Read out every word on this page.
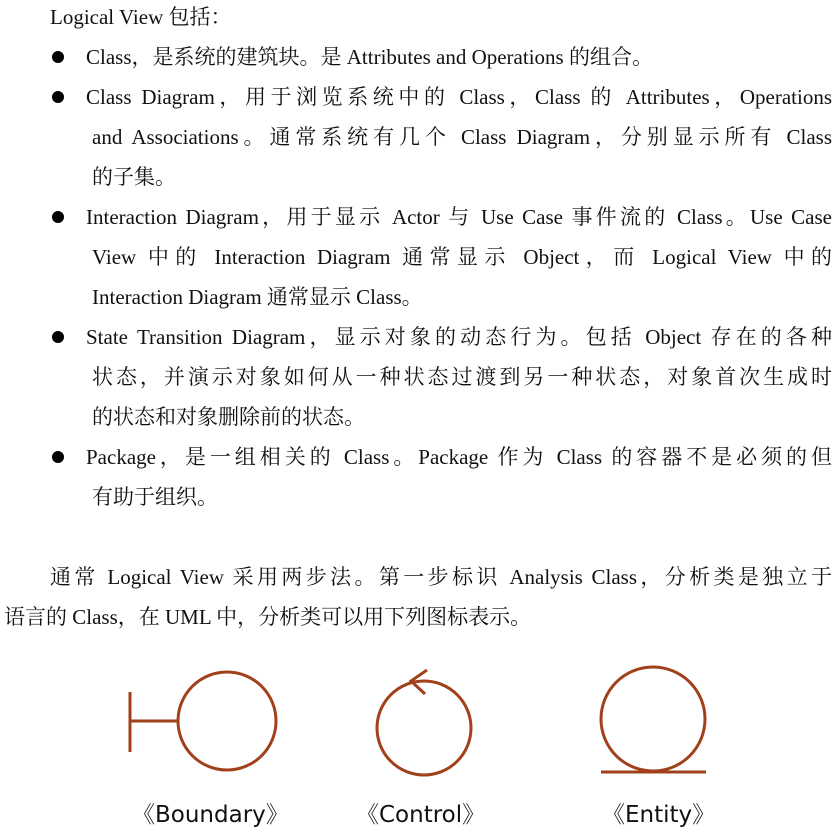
Logical View 包括：
Class，是系统的建筑块。是 Attributes and Operations 的组合。
Class Diagram，用于浏览系统中的 Class，Class 的 Attributes，Operations
and Associations。通常系统有几个 Class Diagram，分别显示所有 Class
的子集。
Interaction Diagram，用于显示 Actor 与 Use Case 事件流的 Class。Use Case
View 中的 Interaction Diagram 通常显示 Object，而 Logical View 中的
Interaction Diagram 通常显示 Class。
State Transition Diagram，显示对象的动态行为。包括 Object 存在的各种
状态，并演示对象如何从一种状态过渡到另一种状态，对象首次生成时
的状态和对象删除前的状态。
Package，是一组相关的 Class。Package 作为 Class 的容器不是必须的但
有助于组织。
通常 Logical View 采用两步法。第一步标识 Analysis Class，分析类是独立于
语言的 Class，在 UML 中，分析类可以用下列图标表示。
《Boundary》	《Control》	《Entity》
